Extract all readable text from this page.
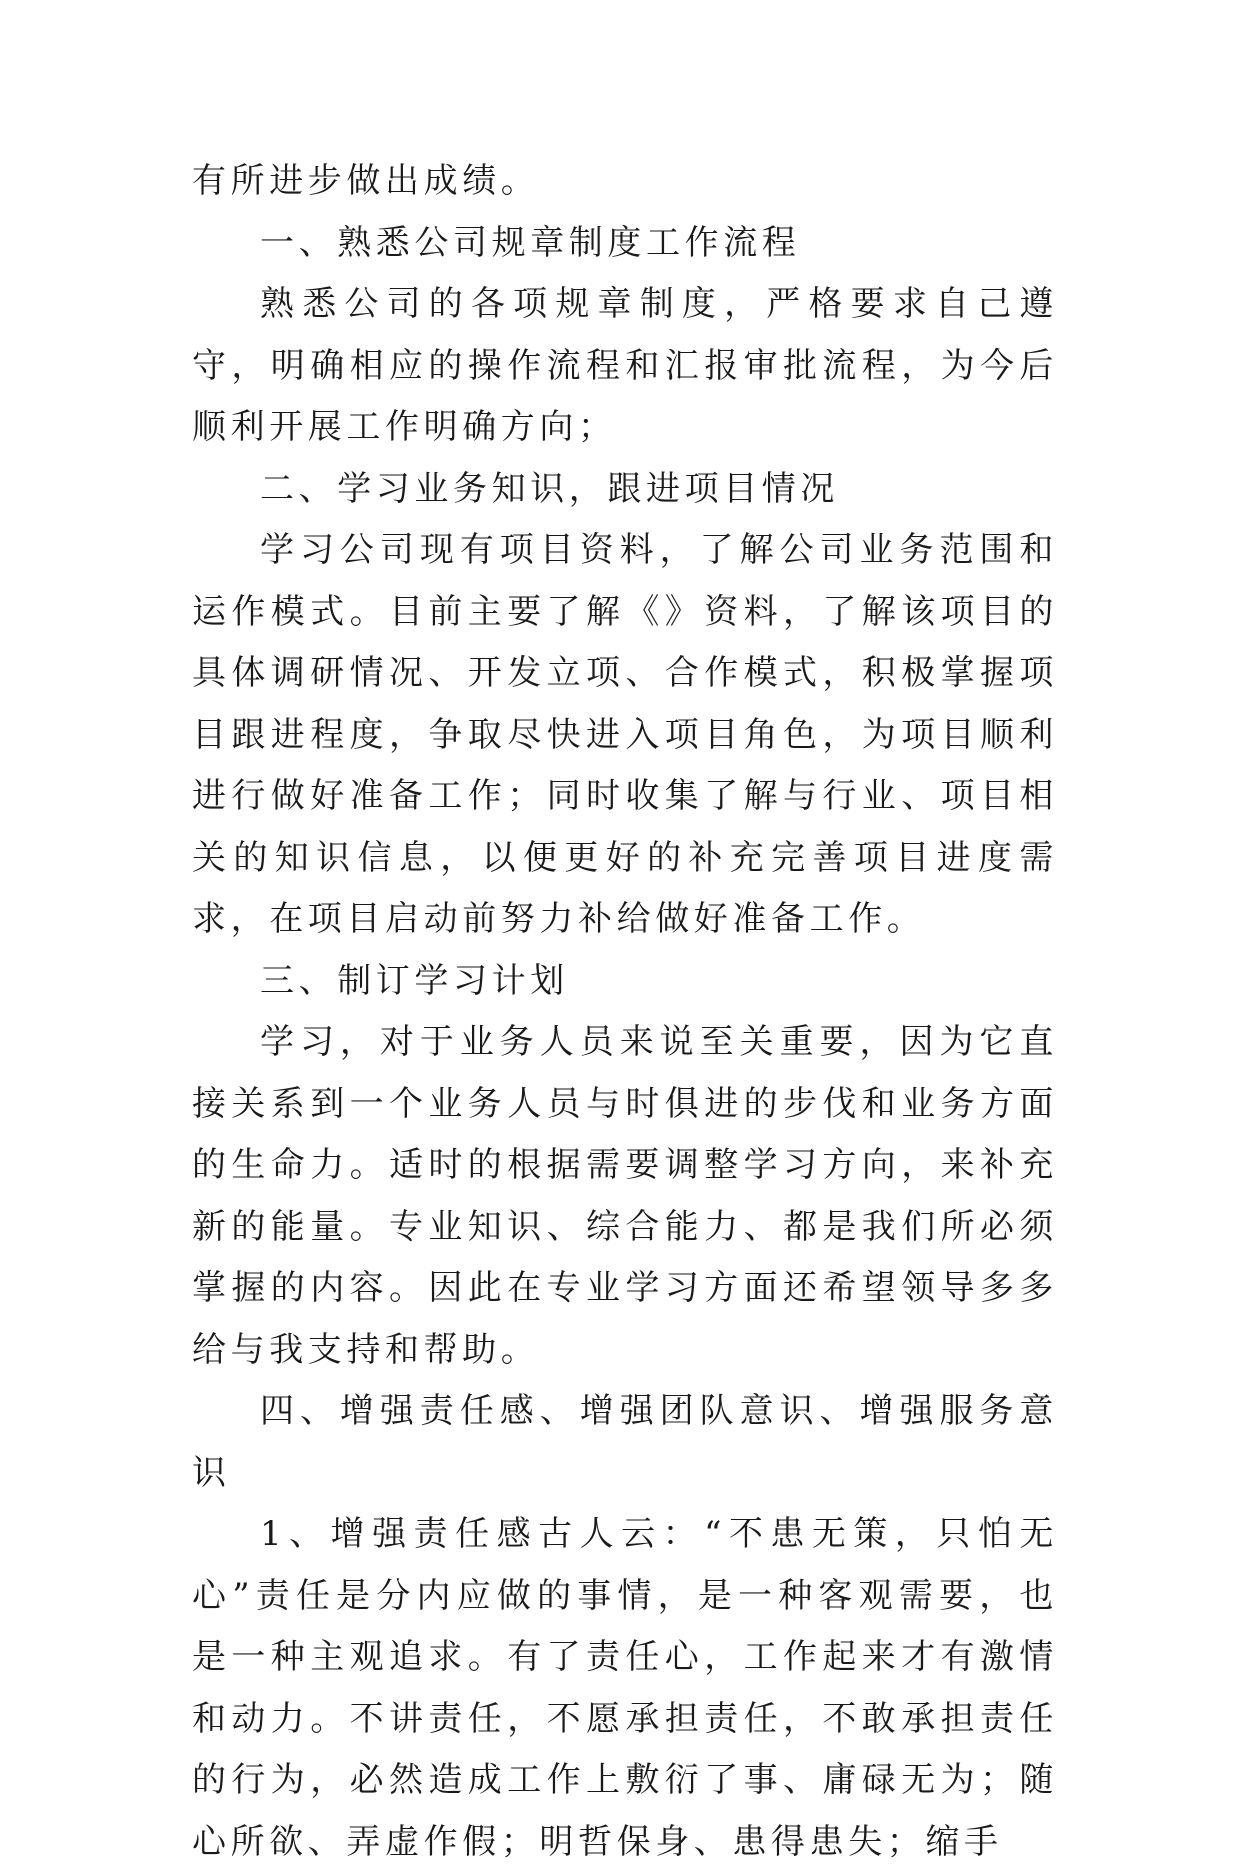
有所进步做出成绩。

一、熟悉公司规章制度工作流程

熟悉公司的各项规章制度，严格要求自己遵守，明确相应的操作流程和汇报审批流程，为今后顺利开展工作明确方向；

二、学习业务知识，跟进项目情况

学习公司现有项目资料，了解公司业务范围和运作模式。目前主要了解《》资料，了解该项目的具体调研情况、开发立项、合作模式，积极掌握项目跟进程度，争取尽快进入项目角色，为项目顺利进行做好准备工作；同时收集了解与行业、项目相关的知识信息，以便更好的补充完善项目进度需求，在项目启动前努力补给做好准备工作。

三、制订学习计划

学习，对于业务人员来说至关重要，因为它直接关系到一个业务人员与时俱进的步伐和业务方面的生命力。适时的根据需要调整学习方向，来补充新的能量。专业知识、综合能力、都是我们所必须掌握的内容。因此在专业学习方面还希望领导多多给与我支持和帮助。

四、增强责任感、增强团队意识、增强服务意识

1、增强责任感古人云：“不患无策，只怕无心”责任是分内应做的事情，是一种客观需要，也是一种主观追求。有了责任心，工作起来才有激情和动力。不讲责任，不愿承担责任，不敢承担责任的行为，必然造成工作上敷衍了事、庸碌无为；随心所欲、弄虚作假；明哲保身、患得患失；缩手
